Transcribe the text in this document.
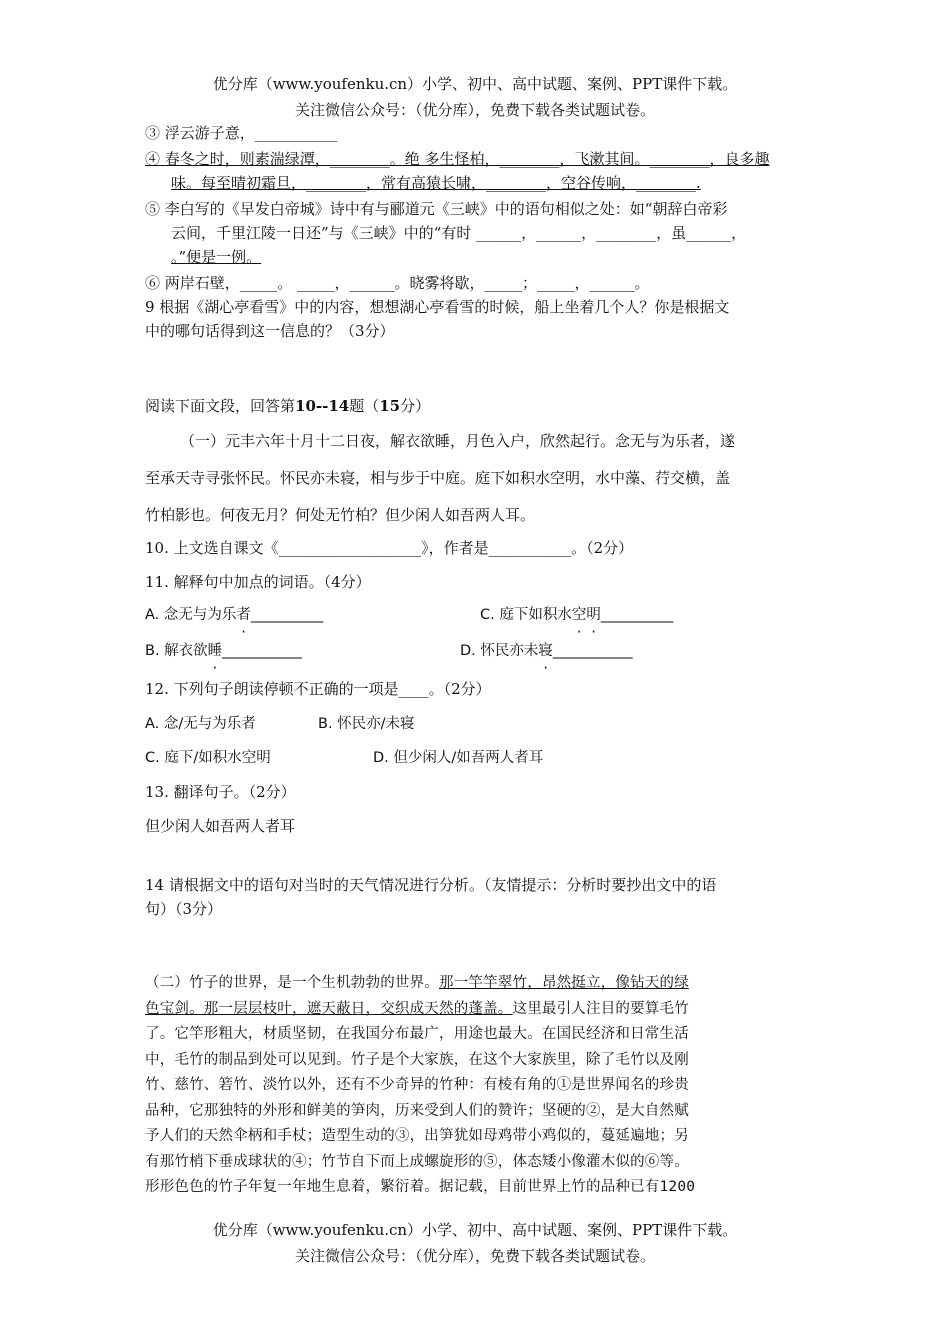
优分库（www.youfenku.cn）小学、初中、高中试题、案例、PPT课件下载。
关注微信公众号：（优分库），免费下载各类试题试卷。
③ 浮云游子意，___________
④ 春冬之时，则素湍绿潭，________。绝 多生怪柏，________，飞漱其间。________，良多趣
味。每至晴初霜旦，________，常有高猿长啸，________，空谷传响，________.
⑤ 李白写的《早发白帝城》诗中有与郦道元《三峡》中的语句相似之处：如“朝辞白帝彩
云间，千里江陵一日还”与《三峡》中的“有时 ______，______，________，虽______，
。”便是一例。
⑥ 两岸石壁，_____。 _____，______。晓雾将歇，_____；_____，______。
9 根据《湖心亭看雪》中的内容，想想湖心亭看雪的时候，船上坐着几个人？你是根据文
中的哪句话得到这一信息的？（3分）
阅读下面文段，回答第10--14题（15分）
（一）元丰六年十月十二日夜，解衣欲睡，月色入户，欣然起行。念无与为乐者，遂
至承天寺寻张怀民。怀民亦未寝，相与步于中庭。庭下如积水空明，水中藻、荇交横，盖
竹柏影也。何夜无月？何处无竹柏？但少闲人如吾两人耳。
10. 上文选自课文《___________________》，作者是___________。（2分）
11. 解释句中加点的词语。（4分）
A. 念无与为乐者__________	C. 庭下如积水空明__________
B. 解衣欲睡___________	D. 怀民亦未寝___________
12. 下列句子朗读停顿不正确的一项是____。（2分）
A. 念/无与为乐者	B. 怀民亦/未寝
C. 庭下/如积水空明	D. 但少闲人/如吾两人者耳
13. 翻译句子。（2分）
但少闲人如吾两人者耳
14 请根据文中的语句对当时的天气情况进行分析。（友情提示：分析时要抄出文中的语
句）（3分）
（二）竹子的世界，是一个生机勃勃的世界。那一竿竿翠竹，昂然挺立，像钻天的绿
色宝剑。那一层层枝叶，遮天蔽日，交织成天然的蓬盖。这里最引人注目的要算毛竹
了。它竿形粗大，材质坚韧，在我国分布最广，用途也最大。在国民经济和日常生活
中，毛竹的制品到处可以见到。竹子是个大家族，在这个大家族里，除了毛竹以及刚
竹、慈竹、箬竹、淡竹以外，还有不少奇异的竹种：有棱有角的①是世界闻名的珍贵
品种，它那独特的外形和鲜美的笋肉，历来受到人们的赞许；坚硬的②，是大自然赋
予人们的天然伞柄和手杖；造型生动的③，出笋犹如母鸡带小鸡似的，蔓延遍地；另
有那竹梢下垂成球状的④；竹节自下而上成螺旋形的⑤，体态矮小像灌木似的⑥等。
形形色色的竹子年复一年地生息着，繁衍着。据记载，目前世界上竹的品种已有1200
优分库（www.youfenku.cn）小学、初中、高中试题、案例、PPT课件下载。
关注微信公众号：（优分库），免费下载各类试题试卷。
